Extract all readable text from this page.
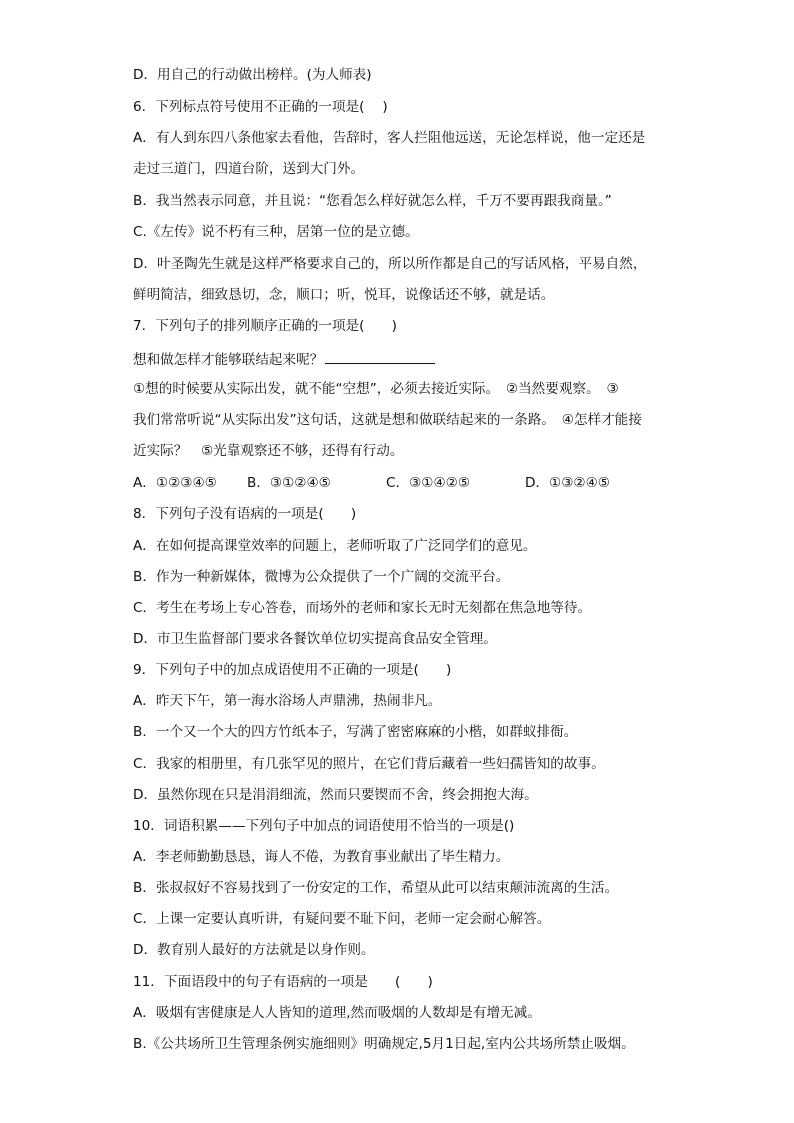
D．用自己的行动做出榜样。(为人师表)
6．下列标点符号使用不正确的一项是(　 )
A．有人到东四八条他家去看他，告辞时，客人拦阻他远送，无论怎样说，他一定还是
走过三道门，四道台阶，送到大门外。
B．我当然表示同意，并且说：“您看怎么样好就怎么样，千万不要再跟我商量。”
C.《左传》说不朽有三种，居第一位的是立德。
D．叶圣陶先生就是这样严格要求自己的，所以所作都是自己的写话风格，平易自然，
鲜明简洁，细致恳切，念，顺口；听，悦耳，说像话还不够，就是话。
7．下列句子的排列顺序正确的一项是(　　)
想和做怎样才能够联结起来呢？
①想的时候要从实际出发，就不能“空想”，必须去接近实际。　②当然要观察。　③
我们常常听说“从实际出发”这句话，这就是想和做联结起来的一条路。　④怎样才能接
近实际？　⑤光靠观察还不够，还得有行动。
A．①②③④⑤ B．③①②④⑤	C．③①④②⑤	D．①③②④⑤
8．下列句子没有语病的一项是(　　)
A．在如何提高课堂效率的问题上，老师听取了广泛同学们的意见。
B．作为一种新媒体，微博为公众提供了一个广阔的交流平台。
C．考生在考场上专心答卷，而场外的老师和家长无时无刻都在焦急地等待。
D．市卫生监督部门要求各餐饮单位切实提高食品安全管理。
9．下列句子中的加点成语使用不正确的一项是(　　)
A．昨天下午，第一海水浴场人声鼎沸，热闹非凡。
B．一个又一个大的四方竹纸本子，写满了密密麻麻的小楷，如群蚁排衙。
C．我家的相册里，有几张罕见的照片，在它们背后藏着一些妇孺皆知的故事。
D．虽然你现在只是涓涓细流，然而只要锲而不舍，终会拥抱大海。
10．词语积累——下列句子中加点的词语使用不恰当的一项是()
A．李老师勤勤恳恳，诲人不倦，为教育事业献出了毕生精力。
B．张叔叔好不容易找到了一份安定的工作，希望从此可以结束颠沛流离的生活。
C．上课一定要认真听讲，有疑问要不耻下问，老师一定会耐心解答。
D．教育别人最好的方法就是以身作则。
11．下面语段中的句子有语病的一项是　　(　　)
A．吸烟有害健康是人人皆知的道理,然而吸烟的人数却是有增无减。
B.《公共场所卫生管理条例实施细则》明确规定,5月1日起,室内公共场所禁止吸烟。
